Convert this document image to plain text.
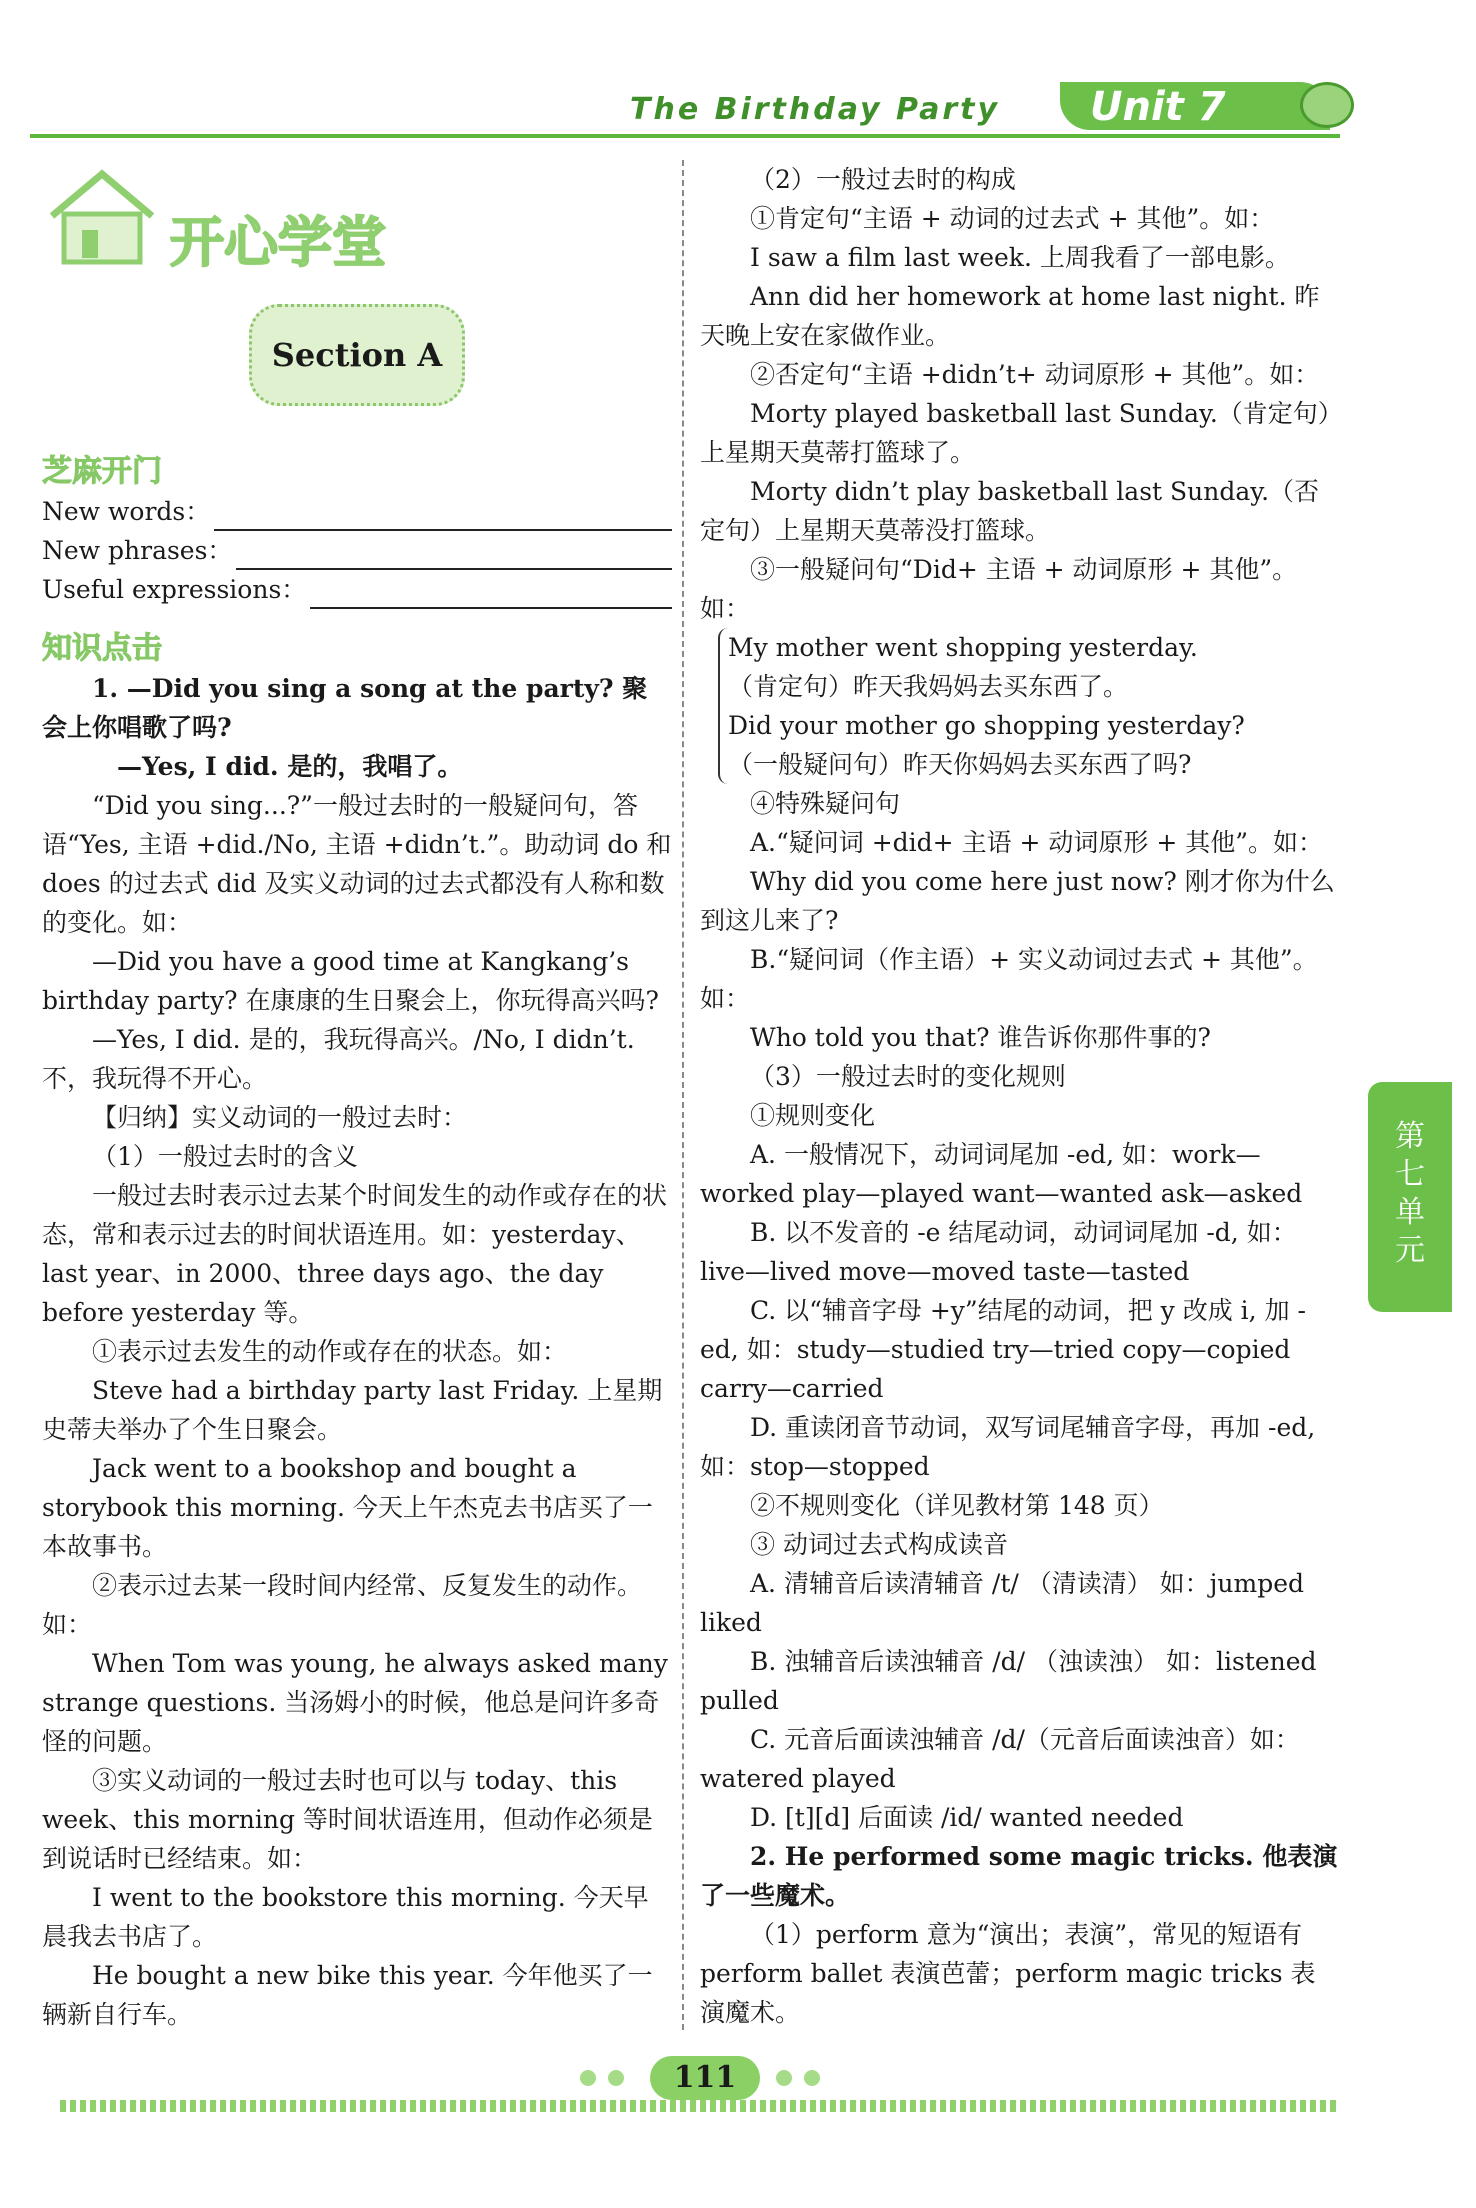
The Birthday Party Unit 7
开心学堂
Section A
芝麻开门

New words：

New phrases：

Useful expressions：

知识点击

1. —Did you sing a song at the party? 聚会上你唱歌了吗?

—Yes, I did. 是的，我唱了。

“Did you sing...?”一般过去时的一般疑问句，答语“Yes, 主语 +did./No, 主语 +didn’t.”。助动词 do 和 does 的过去式 did 及实义动词的过去式都没有人称和数的变化。如：

—Did you have a good time at Kangkang’s birthday party? 在康康的生日聚会上，你玩得高兴吗?

—Yes, I did. 是的，我玩得高兴。/No, I didn’t. 不，我玩得不开心。

【归纳】实义动词的一般过去时：

（1）一般过去时的含义

一般过去时表示过去某个时间发生的动作或存在的状态，常和表示过去的时间状语连用。如：yesterday、last year、in 2000、three days ago、the day before yesterday 等。

①表示过去发生的动作或存在的状态。如：

Steve had a birthday party last Friday. 上星期史蒂夫举办了个生日聚会。

Jack went to a bookshop and bought a storybook this morning. 今天上午杰克去书店买了一本故事书。

②表示过去某一段时间内经常、反复发生的动作。如：

When Tom was young, he always asked many strange questions. 当汤姆小的时候，他总是问许多奇怪的问题。

③实义动词的一般过去时也可以与 today、this week、this morning 等时间状语连用，但动作必须是到说话时已经结束。如：

I went to the bookstore this morning. 今天早晨我去书店了。

He bought a new bike this year. 今年他买了一辆新自行车。

（2）一般过去时的构成

①肯定句“主语 + 动词的过去式 + 其他”。如：

I saw a film last week. 上周我看了一部电影。

Ann did her homework at home last night. 昨天晚上安在家做作业。

②否定句“主语 +didn’t+ 动词原形 + 其他”。如：

Morty played basketball last Sunday.（肯定句）上星期天莫蒂打篮球了。

Morty didn’t play basketball last Sunday.（否定句）上星期天莫蒂没打篮球。

③一般疑问句“Did+ 主语 + 动词原形 + 其他”。如：

My mother went shopping yesterday.

（肯定句）昨天我妈妈去买东西了。

Did your mother go shopping yesterday?

（一般疑问句）昨天你妈妈去买东西了吗?

④特殊疑问句

A.“疑问词 +did+ 主语 + 动词原形 + 其他”。如：

Why did you come here just now? 刚才你为什么到这儿来了?

B.“疑问词（作主语）+ 实义动词过去式 + 其他”。如：

Who told you that? 谁告诉你那件事的?

（3）一般过去时的变化规则

①规则变化

A. 一般情况下，动词词尾加 -ed, 如：work—worked play—played want—wanted ask—asked

B. 以不发音的 -e 结尾动词，动词词尾加 -d, 如：live—lived move—moved taste—tasted

C. 以“辅音字母 +y”结尾的动词，把 y 改成 i, 加 -ed, 如：study—studied try—tried copy—copied carry—carried

D. 重读闭音节动词，双写词尾辅音字母，再加 -ed, 如：stop—stopped

②不规则变化（详见教材第 148 页）

③ 动词过去式构成读音

A. 清辅音后读清辅音 /t/ （清读清） 如：jumped liked

B. 浊辅音后读浊辅音 /d/ （浊读浊） 如：listened pulled

C. 元音后面读浊辅音 /d/（元音后面读浊音）如：watered played

D. [t][d] 后面读 /id/ wanted needed

2. He performed some magic tricks. 他表演了一些魔术。

（1）perform 意为“演出；表演”，常见的短语有 perform ballet 表演芭蕾；perform magic tricks 表演魔术。

第七单元
111
